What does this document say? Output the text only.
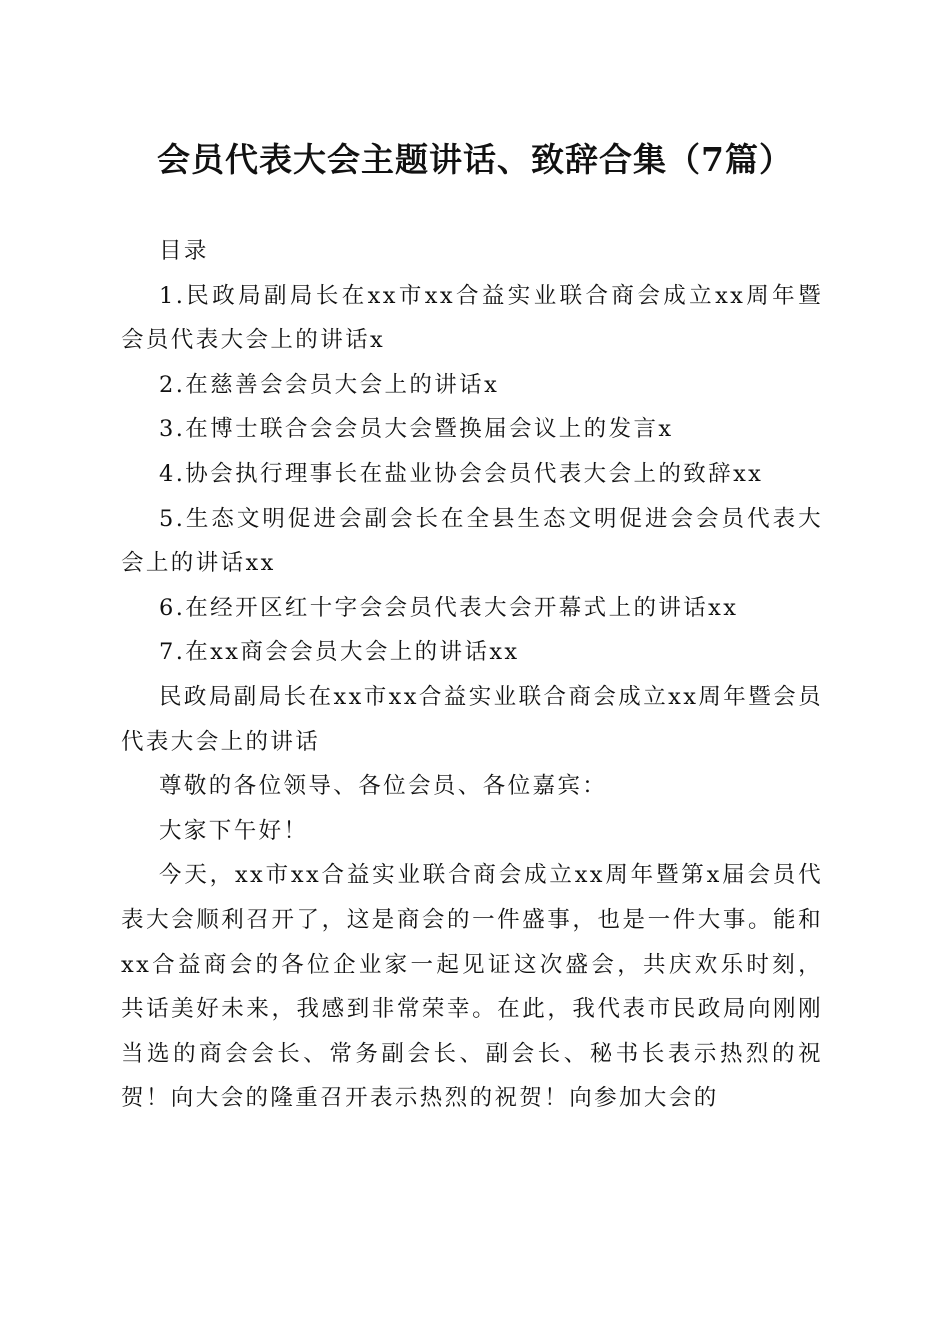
会员代表大会主题讲话、致辞合集（7篇）

目录

1.民政局副局长在xx市xx合益实业联合商会成立xx周年暨会员代表大会上的讲话x

2.在慈善会会员大会上的讲话x

3.在博士联合会会员大会暨换届会议上的发言x

4.协会执行理事长在盐业协会会员代表大会上的致辞xx

5.生态文明促进会副会长在全县生态文明促进会会员代表大会上的讲话xx

6.在经开区红十字会会员代表大会开幕式上的讲话xx

7.在xx商会会员大会上的讲话xx

民政局副局长在xx市xx合益实业联合商会成立xx周年暨会员代表大会上的讲话

尊敬的各位领导、各位会员、各位嘉宾：

大家下午好！

今天，xx市xx合益实业联合商会成立xx周年暨第x届会员代表大会顺利召开了，这是商会的一件盛事，也是一件大事。能和xx合益商会的各位企业家一起见证这次盛会，共庆欢乐时刻，共话美好未来，我感到非常荣幸。在此，我代表市民政局向刚刚当选的商会会长、常务副会长、副会长、秘书长表示热烈的祝贺！向大会的隆重召开表示热烈的祝贺！向参加大会的
